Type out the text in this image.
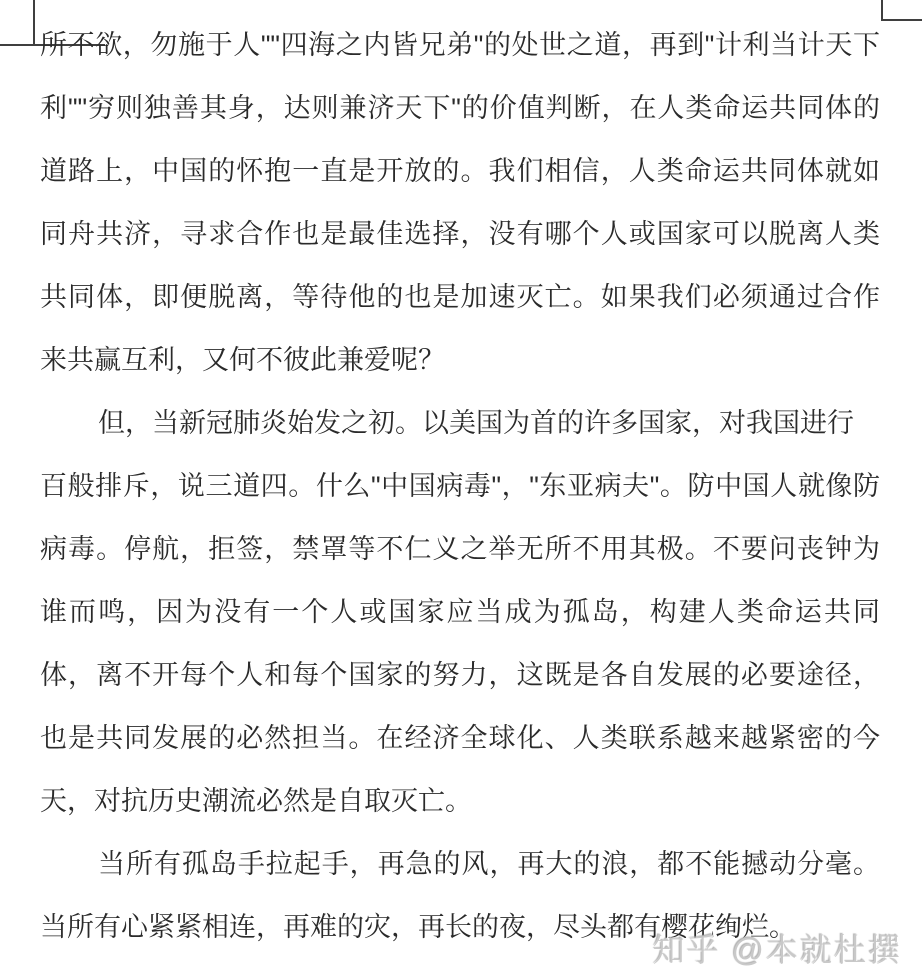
所不欲，勿施于人""四海之内皆兄弟"的处世之道，再到"计利当计天下
利""穷则独善其身，达则兼济天下"的价值判断，在人类命运共同体的
道路上，中国的怀抱一直是开放的。我们相信，人类命运共同体就如
同舟共济，寻求合作也是最佳选择，没有哪个人或国家可以脱离人类
共同体，即便脱离，等待他的也是加速灭亡。如果我们必须通过合作
来共赢互利，又何不彼此兼爱呢？
但，当新冠肺炎始发之初。以美国为首的许多国家，对我国进行
百般排斥，说三道四。什么"中国病毒"，"东亚病夫"。防中国人就像防
病毒。停航，拒签，禁罩等不仁义之举无所不用其极。不要问丧钟为
谁而鸣，因为没有一个人或国家应当成为孤岛，构建人类命运共同
体，离不开每个人和每个国家的努力，这既是各自发展的必要途径，
也是共同发展的必然担当。在经济全球化、人类联系越来越紧密的今
天，对抗历史潮流必然是自取灭亡。
当所有孤岛手拉起手，再急的风，再大的浪，都不能撼动分毫。
当所有心紧紧相连，再难的灾，再长的夜，尽头都有樱花绚烂。
知乎 @本就杜撰
